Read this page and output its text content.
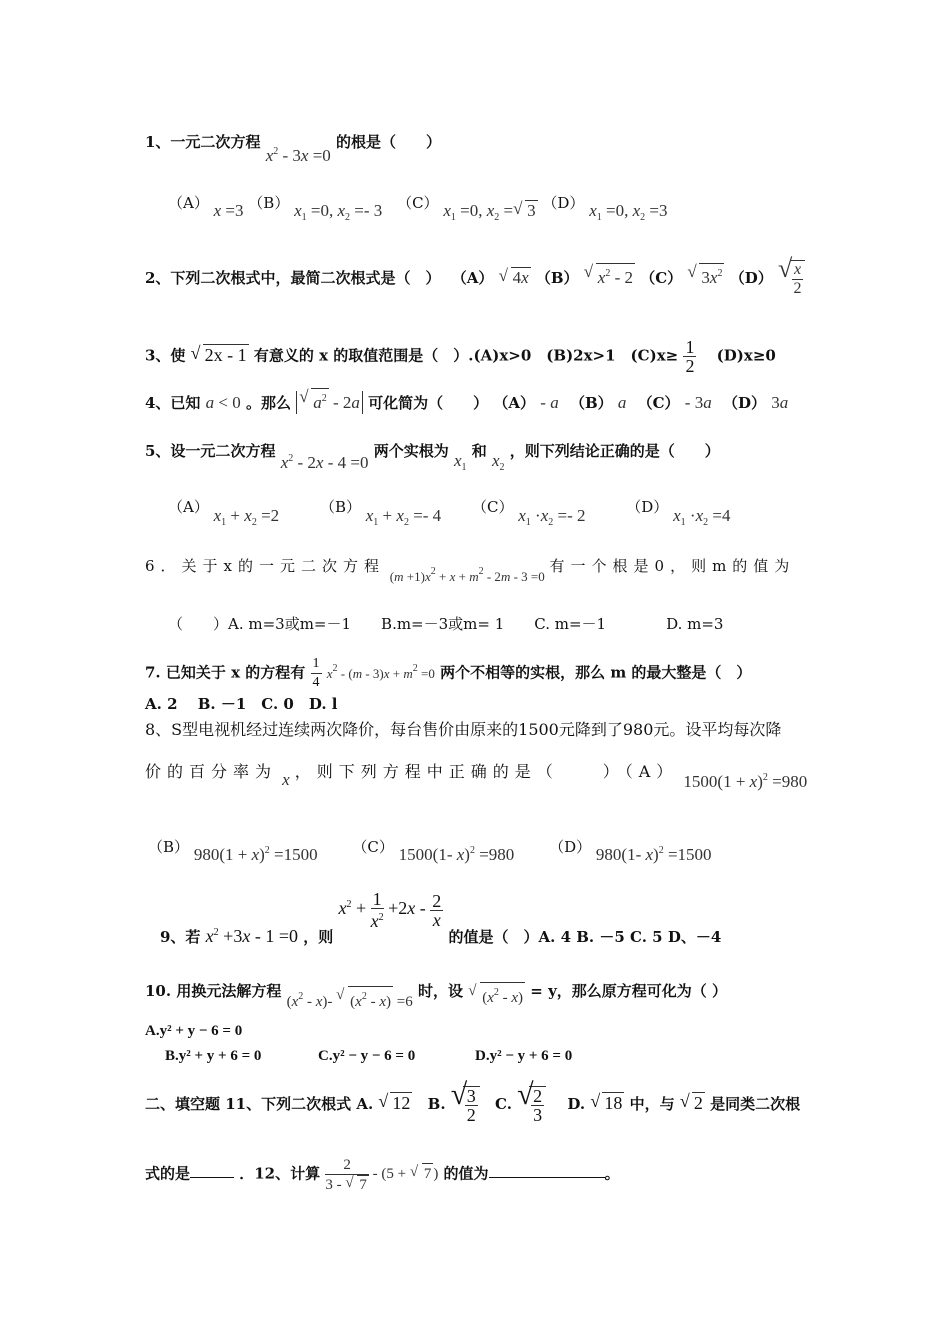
1、一元二次方程 $x^2 - 3x =0$ 的根是（　　）
（A） x =3 （B） $x_1 =0$, $x_2 =- 3$ （C） $x_1 =0$, $x_2$ = √ 3 （D） $x_1 =0$, $x_2 =3$
2、下列二次根式中，最简二次根式是（　） （A） √ 4x （B） √ $x^2 - 2$ （C） √ $3x^2$ （D） √ $\frac{x}{2}$
3、使 √ 2x - 1 有意义的 x 的取值范围是（　）.(A)x>0　(B)2x>1　$(C)x\ge \frac{1}{2}$ 　(D)x≥0
4、已知 a < 0 。那么 √ $a^2 - 2a$ 可化简为（　　） （A） - a （B） a （C） - 3a （D） 3a
5、设一元二次方程 $x^2 - 2x - 4 =0$ 两个实根为 $x_1$ 和 $x_2$ ，则下列结论正确的是（　　）
（A） $x_1 + x_2 =2$	（B） $x_1 + x_2 =- 4$ （C） $x_1 \cdot x_2 =- 2$	（D） $x_1 \cdot x_2 =4$
6．关于x的一元二次方程 $(m +1)x^2 + x + m^2 - 2m - 3 =0$ 有一个根是0，则m的值为
（　　）A. m=3或m=－1　　B.m=－3或m= 1　　C. m=－1　　　　D. m=3
7. 已知关于 x 的方程有 $\frac{1}{4} x^2 - (m - 3)x + m^2 =0$ 两个不相等的实根，那么 m 的最大整是（　）
A. 2　 B. －1　C. 0　D. l
8、S型电视机经过连续两次降价，每台售价由原来的1500元降到了980元。设平均每次降
价的百分率为 x ，则下列方程中正确的是（　　）（A） $1500(1 + x)^2 =980$
（B） $980(1 + x)^2 =1500$ （C） 1500(1- x)$^2$ =980 （D） 980(1- x)$^2$ =1500
9、若 $x^2 +3x - 1 =0$ ，则 $x^2 + \frac{1}{x^2} +2x - \frac{2}{x}$
的值是（　）A. 4 B. －5 C. 5 D、－4
10. 用换元法解方程 $(x^2 - x)-$ √ $(x^2 - x) =6$ 时，设 √ $(x^2 - x) = y$，那么原方程可化为（ ）
A.y² + y − 6 = 0
B.y² + y + 6 = 0	C.y² − y − 6 = 0	D.y² − y + 6 = 0
二、填空题 11、下列二次根式 A. √ 12 B. √ $\frac{3}{2} C$. √ $\frac{2}{3} D$. √ 18 中，与 √ 2 是同类二次根
式的是	．12、计算 $\frac{2}{3 - √ 7} - (5$ + √ 7 ) 的值为	。
